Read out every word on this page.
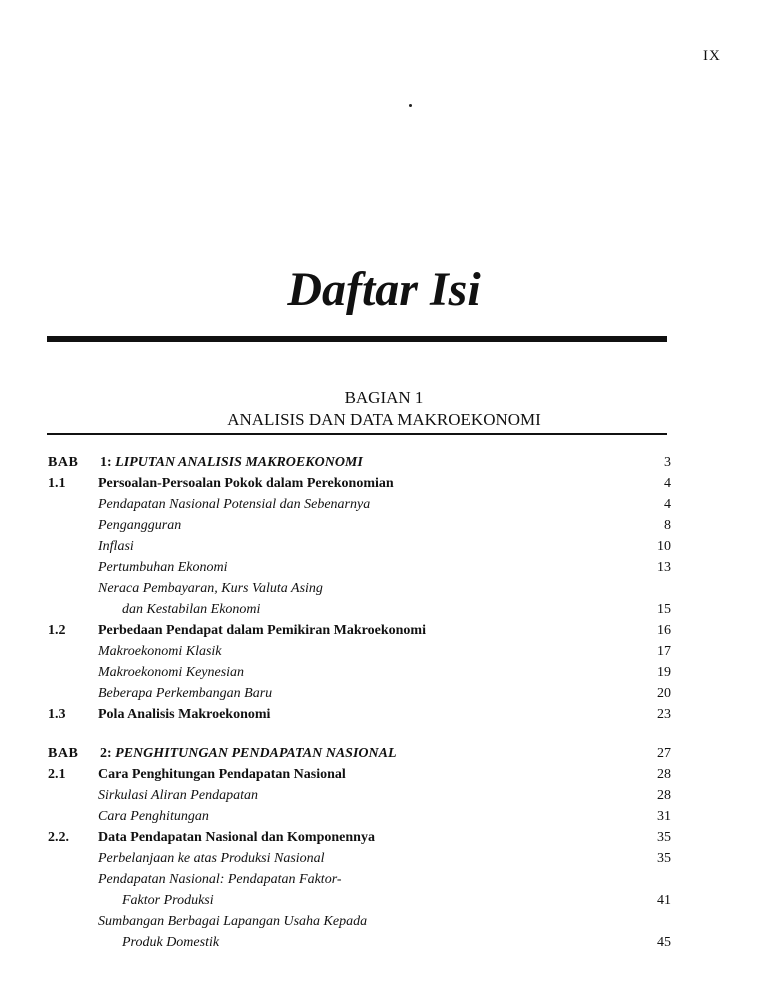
IX
Daftar Isi
BAGIAN 1
ANALISIS DAN DATA MAKROEKONOMI
BAB 1: LIPUTAN ANALISIS MAKROEKONOMI	3
1.1 Persoalan-Persoalan Pokok dalam Perekonomian	4
Pendapatan Nasional Potensial dan Sebenarnya	4
Pengangguran	8
Inflasi	10
Pertumbuhan Ekonomi	13
Neraca Pembayaran, Kurs Valuta Asing
dan Kestabilan Ekonomi	15
1.2 Perbedaan Pendapat dalam Pemikiran Makroekonomi	16
Makroekonomi Klasik	17
Makroekonomi Keynesian	19
Beberapa Perkembangan Baru	20
1.3 Pola Analisis Makroekonomi	23
BAB 2: PENGHITUNGAN PENDAPATAN NASIONAL	27
2.1 Cara Penghitungan Pendapatan Nasional	28
Sirkulasi Aliran Pendapatan	28
Cara Penghitungan	31
2.2. Data Pendapatan Nasional dan Komponennya	35
Perbelanjaan ke atas Produksi Nasional	35
Pendapatan Nasional: Pendapatan Faktor-
Faktor Produksi	41
Sumbangan Berbagai Lapangan Usaha Kepada
Produk Domestik	45
